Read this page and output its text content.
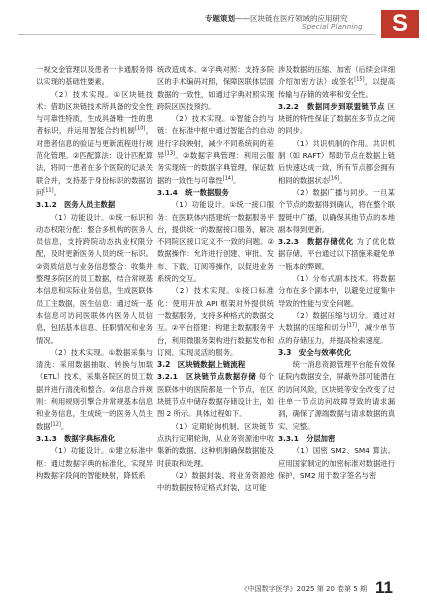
专题策划——区块链在医疗领域的应用研究
Special Planning	S

一视交金管理以及患者一卡通服务得以实现的基础性要素。

（2）技术实现。①区块链技术：借助区块链技术所具备的安全性与可靠性特质，生成具备唯一性的患者标识，并运用智能合约机制[10]，对患者信息的验证与更新流程进行规范化管理。②匹配算法：设计匹配算法，将同一患者在多个医院的记录关联合并，支持基于身份标识的数据访问[11]。

3.1.2　医务人员主数据

（1）功能设计。①统一标识和动态权限分配：整合多机构的医务人员信息，支持跨院动态执业权限分配，及时更新医务人员的统一标识。②资质信息与业务信息整合：收集并整理多院区的员工数据，结合常规基本信息和实际业务信息，生成医联体员工主数据，医生信息：通过统一基本信息可访问医联体内医务人员信息，包括基本信息、任职情况和业务情况。

（2）技术实现。①数据采集与清洗：采用数据抽取、转换与加载（ETL）技术，采集各院区的员工数据并进行清洗和整合。②信息合并规则：利用规则引擎合并常规基本信息和业务信息，生成统一的医务人员主数据[12]。

3.1.3　数据字典标准化

（1）功能设计。①建立标准中枢：通过数据字典的标准化，实现异构数据字段间的智能映射，降低系

统改造成本。②字典对照：支持多院区的手术编码对照，保障医联体层面数据的一致性，如通过字典对照实现跨院区医技预约。

（2）技术实现。①智能合约与链：在标准中枢中通过智能合约自动进行字段映射，减少不同系统间的差异[13]。②数据字典管理：利用云服务实现统一的数据字典管理，保证数据的一致性与可靠性[14]。

3.1.4　统一数据服务

（1）功能设计。①统一接口服务：在医联体内搭建统一数据服务平台，提供统一的数据接口服务，解决不同院区接口定义不一致的问题。②数据操作：允许进行创建、审批、发布、下载、订阅等操作，以促进业务系统的交互。

（2）技术实现。①接口标准化：使用开放 API 框架对外提供统一数据服务，支持多种格式的数据交互。②平台搭建：构建主数据服务平台，利用微服务架构进行数据发布和订阅，实现灵活的服务。

3.2　区块链数据上链流程

3.2.1　区块链节点数据存储 每个医联体中的医院都是一个节点，在区块链节点中储存数据存储设计主，如图 2 所示。具体过程如下。

（1）定期轮询机制。区块链节点执行定期轮询，从业务资源池中收集新的数据。这种机制确保数据能及时获取和处理。

（2）数据封装。将业务资源池中的数据按特定格式封装，这可能

涉及数据的压缩、加密（后续会详细介绍加密方法）或签名[15]，以提高传输与存储的效率和安全性。

3.2.2　数据同步到联盟链节点 区块链的特性保证了数据在多节点之间的同步。

（1）共识机制的作用。共识机制（如 RAFT）帮助节点在数据上链后快速达成一致，所有节点都会拥有相同的数据状态[16]。

（2）数据广播与同步。一旦某个节点的数据得到确认，将在整个联盟链中广播，以确保其他节点的本地副本得到更新。

3.2.3　数据存储优化 为了优化数据存储，平台通过以下措施来避免单一瓶本的弊顾。

（1）分布式副本技术。将数据分布在多个副本中，以避免过度集中导致的性能与安全问题。

（2）数据压缩与切分。通过对大数据的压缩和切分[17]，减少单节点的存储压力，并提高检索速度。

3.3　安全与效率优化

统一消息资源管理平台能有效保证院内数据安全，屏蔽外部可能潜在的访问风险，区块链等安全改变了过往单一节点访问故障导致的请求漏洞，确保了源端数据与请求数据的真实、完整。

3.3.1　分层加密

（1）国密 SM2、SM4 算法。应用国家制定的加密标准对数据进行保护，SM2 用于数字签名与密

《中国数字医学》2025 第 20 卷第 5 期 11
